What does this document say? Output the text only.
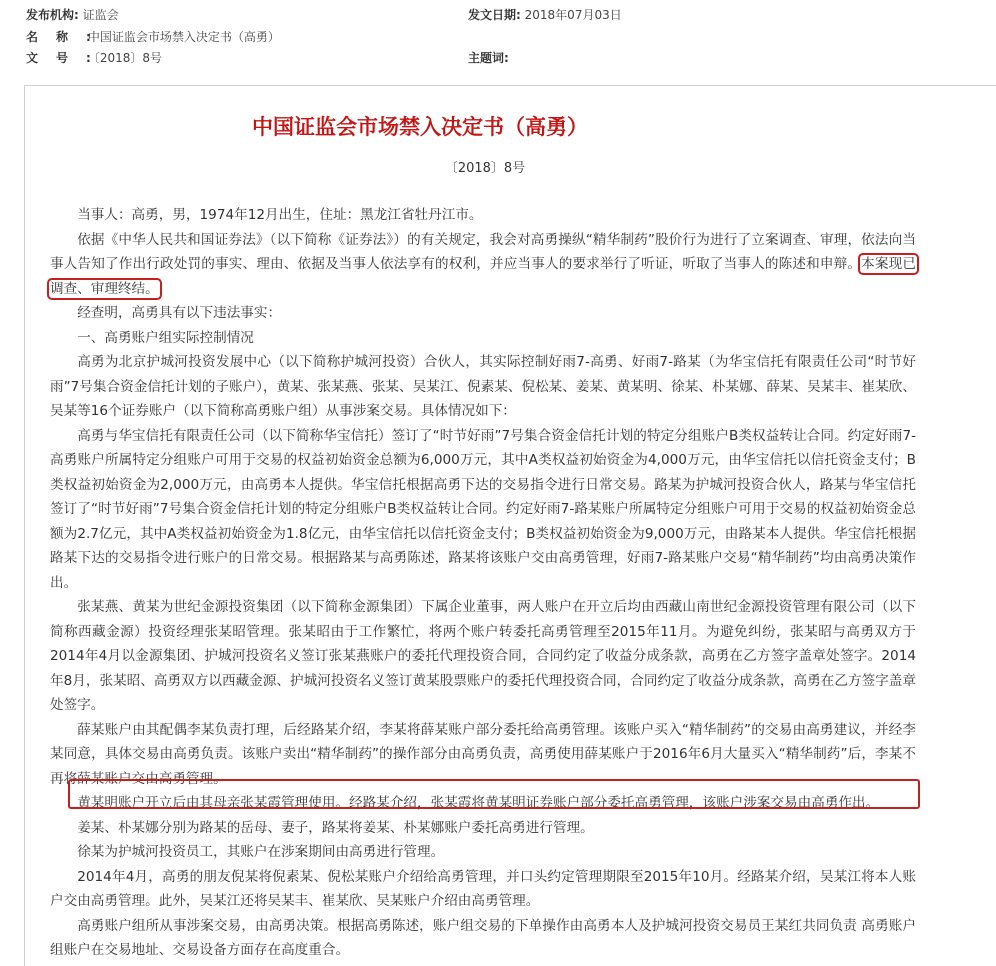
发布机构: 证监会	发文日期: 2018年07月03日
名称: 中国证监会市场禁入决定书（高勇）
文号: 〔2018〕8号	主题词:
中国证监会市场禁入决定书（高勇）
〔2018〕8号

当事人：高勇，男，1974年12月出生，住址：黑龙江省牡丹江市。

依据《中华人民共和国证券法》（以下简称《证券法》）的有关规定，我会对高勇操纵“精华制药”股价行为进行了立案调查、审理，依法向当事人告知了作出行政处罚的事实、理由、依据及当事人依法享有的权利，并应当事人的要求举行了听证，听取了当事人的陈述和申辩。本案现已调查、审理终结。

经查明，高勇具有以下违法事实：

一、高勇账户组实际控制情况

高勇为北京护城河投资发展中心（以下简称护城河投资）合伙人，其实际控制好雨7-高勇、好雨7-路某（为华宝信托有限责任公司“时节好雨”7号集合资金信托计划的子账户），黄某、张某燕、张某、吴某江、倪素某、倪松某、姜某、黄某明、徐某、朴某娜、薛某、吴某丰、崔某欣、吴某等16个证券账户（以下简称高勇账户组）从事涉案交易。具体情况如下：

高勇与华宝信托有限责任公司（以下简称华宝信托）签订了“时节好雨”7号集合资金信托计划的特定分组账户B类权益转让合同。约定好雨7-高勇账户所属特定分组账户可用于交易的权益初始资金总额为6,000万元，其中A类权益初始资金为4,000万元，由华宝信托以信托资金支付；B类权益初始资金为2,000万元，由高勇本人提供。华宝信托根据高勇下达的交易指令进行日常交易。路某为护城河投资合伙人，路某与华宝信托签订了“时节好雨”7号集合资金信托计划的特定分组账户B类权益转让合同。约定好雨7-路某账户所属特定分组账户可用于交易的权益初始资金总额为2.7亿元，其中A类权益初始资金为1.8亿元，由华宝信托以信托资金支付；B类权益初始资金为9,000万元，由路某本人提供。华宝信托根据路某下达的交易指令进行账户的日常交易。根据路某与高勇陈述，路某将该账户交由高勇管理，好雨7-路某账户交易“精华制药”均由高勇决策作出。

张某燕、黄某为世纪金源投资集团（以下简称金源集团）下属企业董事，两人账户在开立后均由西藏山南世纪金源投资管理有限公司（以下简称西藏金源）投资经理张某昭管理。张某昭由于工作繁忙，将两个账户转委托高勇管理至2015年11月。为避免纠纷，张某昭与高勇双方于2014年4月以金源集团、护城河投资名义签订张某燕账户的委托代理投资合同，合同约定了收益分成条款，高勇在乙方签字盖章处签字。2014年8月，张某昭、高勇双方以西藏金源、护城河投资名义签订黄某股票账户的委托代理投资合同，合同约定了收益分成条款，高勇在乙方签字盖章处签字。

薛某账户由其配偶李某负责打理，后经路某介绍，李某将薛某账户部分委托给高勇管理。该账户买入“精华制药”的交易由高勇建议，并经李某同意，具体交易由高勇负责。该账户卖出“精华制药”的操作部分由高勇负责，高勇使用薛某账户于2016年6月大量买入“精华制药”后，李某不再将薛某账户交由高勇管理。

黄某明账户开立后由其母亲张某霞管理使用。经路某介绍，张某霞将黄某明证券账户部分委托高勇管理，该账户涉案交易由高勇作出。

姜某、朴某娜分别为路某的岳母、妻子，路某将姜某、朴某娜账户委托高勇进行管理。

徐某为护城河投资员工，其账户在涉案期间由高勇进行管理。

2014年4月，高勇的朋友倪某将倪素某、倪松某账户介绍给高勇管理，并口头约定管理期限至2015年10月。经路某介绍，吴某江将本人账户交由高勇管理。此外，吴某江还将吴某丰、崔某欣、吴某账户介绍由高勇管理。

高勇账户组所从事涉案交易，由高勇决策。根据高勇陈述，账户组交易的下单操作由高勇本人及护城河投资交易员王某红共同负责 高勇账户组账户在交易地址、交易设备方面存在高度重合。
